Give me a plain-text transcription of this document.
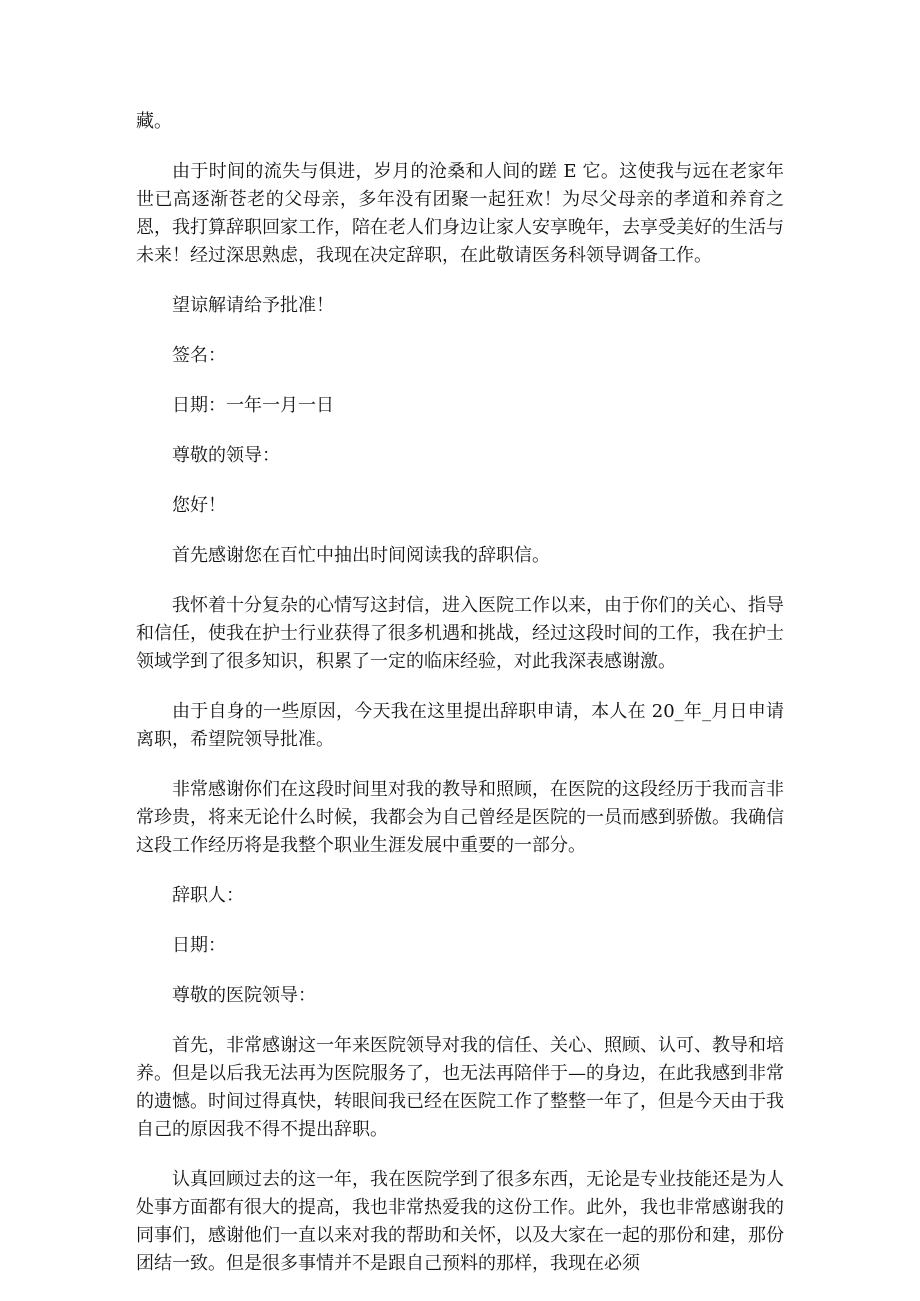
藏。

由于时间的流失与俱进，岁月的沧桑和人间的蹉 E 它。这使我与远在老家年世已高逐渐苍老的父母亲，多年没有团聚一起狂欢！为尽父母亲的孝道和养育之恩，我打算辞职回家工作，陪在老人们身边让家人安享晚年，去享受美好的生活与未来！经过深思熟虑，我现在决定辞职，在此敬请医务科领导调备工作。

望谅解请给予批准！

签名：

日期：一年一月一日

尊敬的领导：

您好！

首先感谢您在百忙中抽出时间阅读我的辞职信。

我怀着十分复杂的心情写这封信，进入医院工作以来，由于你们的关心、指导和信任，使我在护士行业获得了很多机遇和挑战，经过这段时间的工作，我在护士领域学到了很多知识，积累了一定的临床经验，对此我深表感谢激。

由于自身的一些原因，今天我在这里提出辞职申请，本人在 20_年_月日申请离职，希望院领导批准。

非常感谢你们在这段时间里对我的教导和照顾，在医院的这段经历于我而言非常珍贵，将来无论什么时候，我都会为自己曾经是医院的一员而感到骄傲。我确信这段工作经历将是我整个职业生涯发展中重要的一部分。

辞职人：

日期：

尊敬的医院领导：

首先，非常感谢这一年来医院领导对我的信任、关心、照顾、认可、教导和培养。但是以后我无法再为医院服务了，也无法再陪伴于—的身边，在此我感到非常的遗憾。时间过得真快，转眼间我已经在医院工作了整整一年了，但是今天由于我自己的原因我不得不提出辞职。

认真回顾过去的这一年，我在医院学到了很多东西，无论是专业技能还是为人处事方面都有很大的提高，我也非常热爱我的这份工作。此外，我也非常感谢我的同事们，感谢他们一直以来对我的帮助和关怀，以及大家在一起的那份和建，那份团结一致。但是很多事情并不是跟自己预料的那样，我现在必须
